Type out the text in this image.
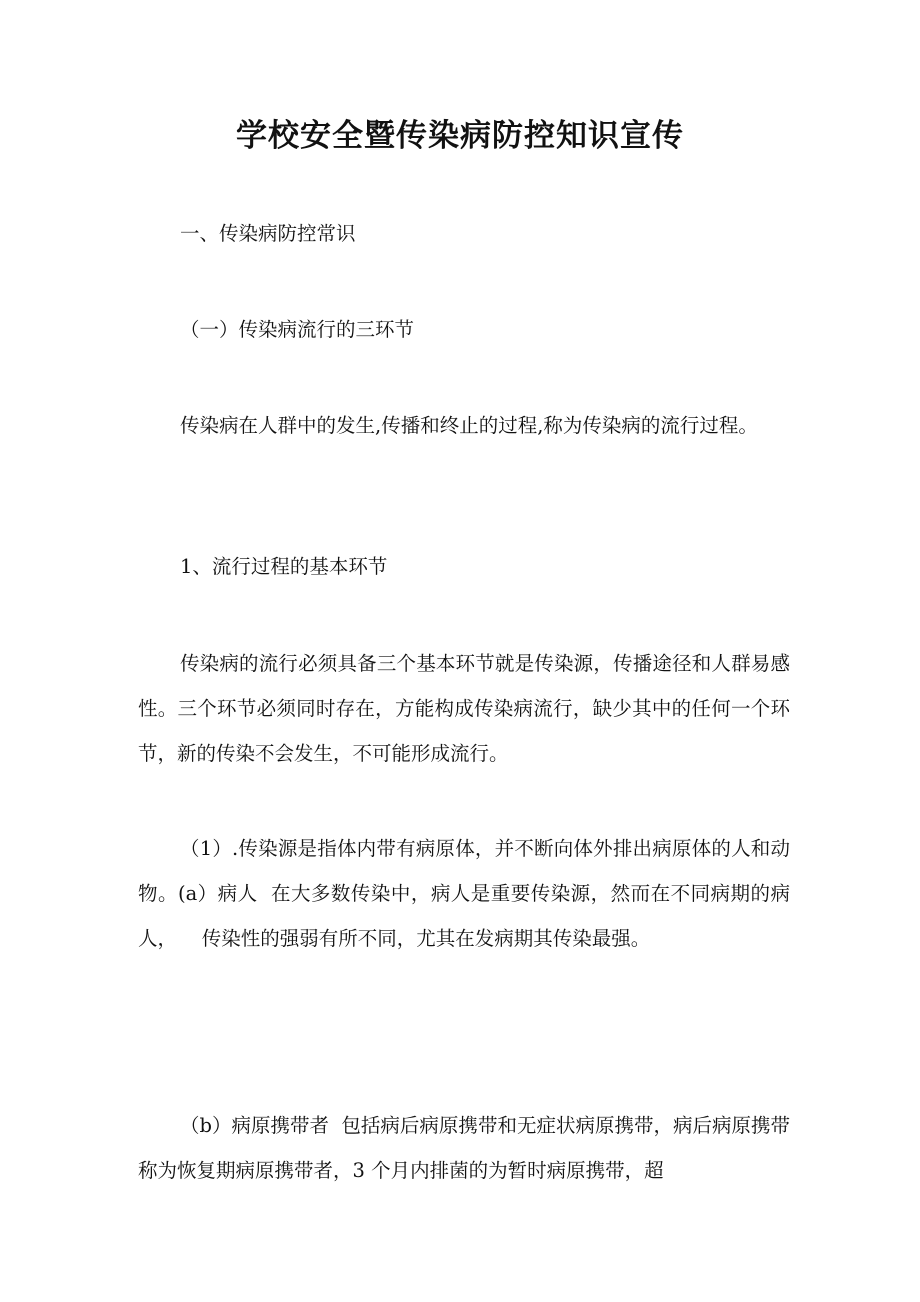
学校安全暨传染病防控知识宣传

一、传染病防控常识

（一）传染病流行的三环节

传染病在人群中的发生,传播和终止的过程,称为传染病的流行过程。

1、流行过程的基本环节

传染病的流行必须具备三个基本环节就是传染源，传播途径和人群易感性。三个环节必须同时存在，方能构成传染病流行，缺少其中的任何一个环节，新的传染不会发生，不可能形成流行。

（1）.传染源是指体内带有病原体，并不断向体外排出病原体的人和动物。(a）病人  在大多数传染中，病人是重要传染源，然而在不同病期的病人，    传染性的强弱有所不同，尤其在发病期其传染最强。

（b）病原携带者  包括病后病原携带和无症状病原携带，病后病原携带称为恢复期病原携带者，3 个月内排菌的为暂时病原携带，超
